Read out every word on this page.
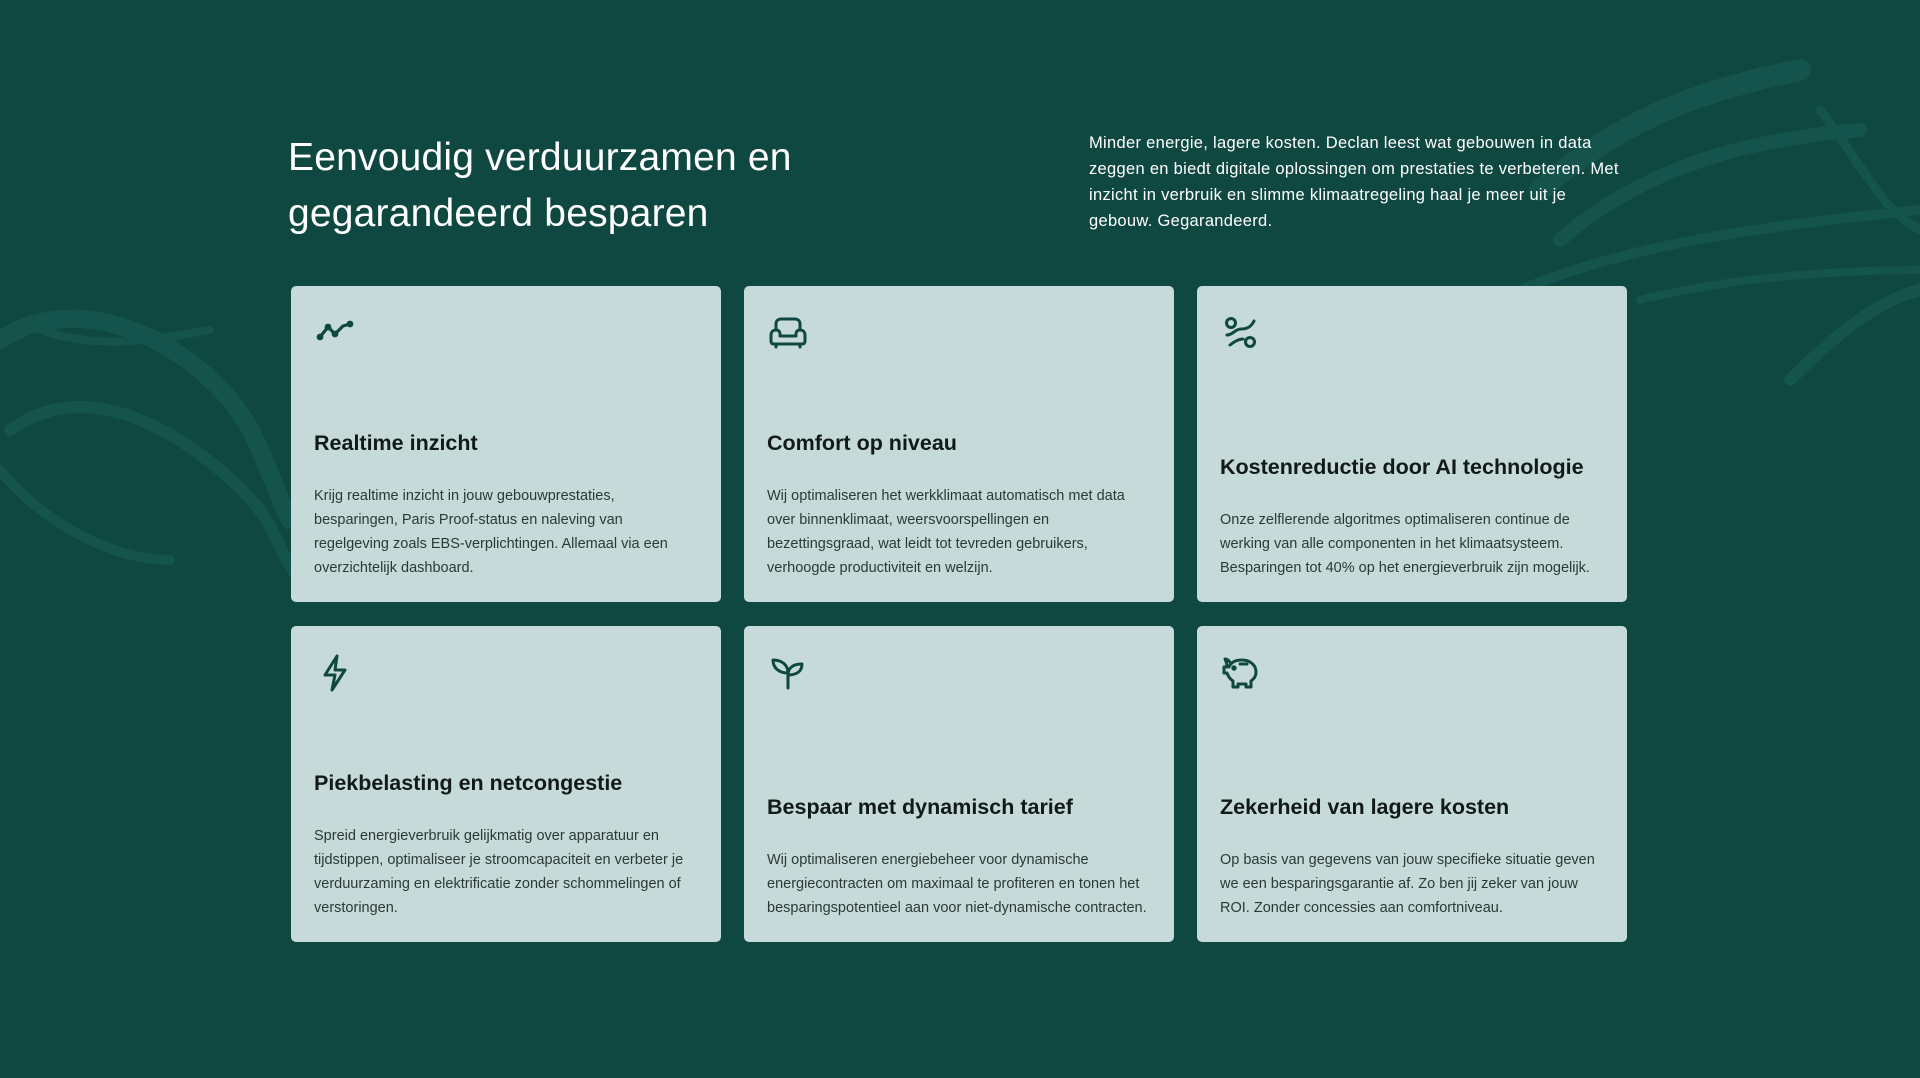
Eenvoudig verduurzamen en gegarandeerd besparen

Minder energie, lagere kosten. Declan leest wat gebouwen in data zeggen en biedt digitale oplossingen om prestaties te verbeteren. Met inzicht in verbruik en slimme klimaatregeling haal je meer uit je gebouw. Gegarandeerd.

Realtime inzicht

Krijg realtime inzicht in jouw gebouwprestaties, besparingen, Paris Proof-status en naleving van regelgeving zoals EBS-verplichtingen. Allemaal via een overzichtelijk dashboard.

Comfort op niveau

Wij optimaliseren het werkklimaat automatisch met data over binnenklimaat, weersvoorspellingen en bezettingsgraad, wat leidt tot tevreden gebruikers, verhoogde productiviteit en welzijn.

Kostenreductie door AI technologie

Onze zelflerende algoritmes optimaliseren continue de werking van alle componenten in het klimaatsysteem. Besparingen tot 40% op het energieverbruik zijn mogelijk.

Piekbelasting en netcongestie

Spreid energieverbruik gelijkmatig over apparatuur en tijdstippen, optimaliseer je stroomcapaciteit en verbeter je verduurzaming en elektrificatie zonder schommelingen of verstoringen.

Bespaar met dynamisch tarief

Wij optimaliseren energiebeheer voor dynamische energiecontracten om maximaal te profiteren en tonen het besparingspotentieel aan voor niet-dynamische contracten.

Zekerheid van lagere kosten

Op basis van gegevens van jouw specifieke situatie geven we een besparingsgarantie af. Zo ben jij zeker van jouw ROI. Zonder concessies aan comfortniveau.
